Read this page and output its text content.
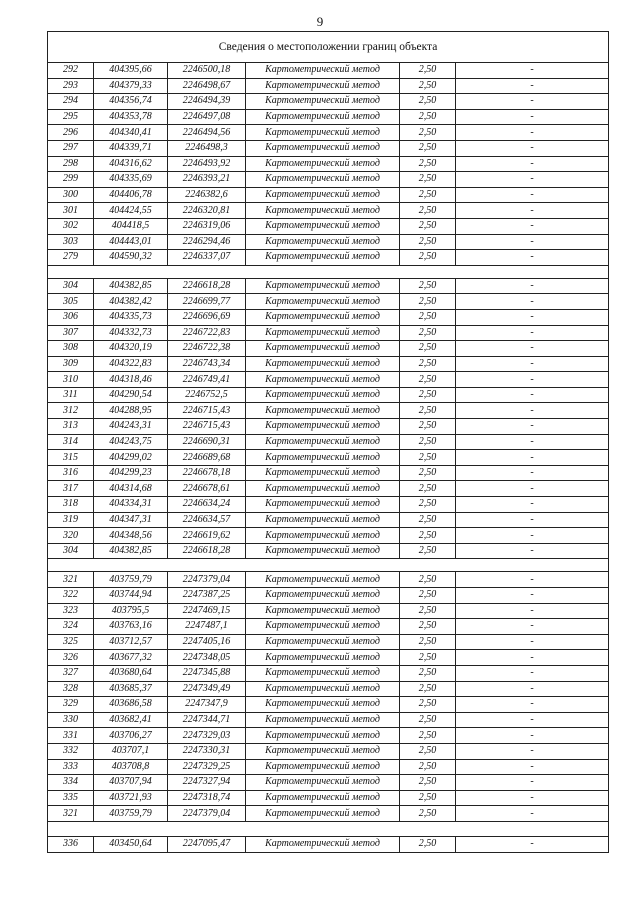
9
Сведения о местоположении границ объекта					
292	404395,66	2246500,18	Картометрический метод	2,50	-
293	404379,33	2246498,67	Картометрический метод	2,50	-
294	404356,74	2246494,39	Картометрический метод	2,50	-
295	404353,78	2246497,08	Картометрический метод	2,50	-
296	404340,41	2246494,56	Картометрический метод	2,50	-
297	404339,71	2246498,3	Картометрический метод	2,50	-
298	404316,62	2246493,92	Картометрический метод	2,50	-
299	404335,69	2246393,21	Картометрический метод	2,50	-
300	404406,78	2246382,6	Картометрический метод	2,50	-
301	404424,55	2246320,81	Картометрический метод	2,50	-
302	404418,5	2246319,06	Картометрический метод	2,50	-
303	404443,01	2246294,46	Картометрический метод	2,50	-
279	404590,32	2246337,07	Картометрический метод	2,50	-

304	404382,85	2246618,28	Картометрический метод	2,50	-
305	404382,42	2246699,77	Картометрический метод	2,50	-
306	404335,73	2246696,69	Картометрический метод	2,50	-
307	404332,73	2246722,83	Картометрический метод	2,50	-
308	404320,19	2246722,38	Картометрический метод	2,50	-
309	404322,83	2246743,34	Картометрический метод	2,50	-
310	404318,46	2246749,41	Картометрический метод	2,50	-
311	404290,54	2246752,5	Картометрический метод	2,50	-
312	404288,95	2246715,43	Картометрический метод	2,50	-
313	404243,31	2246715,43	Картометрический метод	2,50	-
314	404243,75	2246690,31	Картометрический метод	2,50	-
315	404299,02	2246689,68	Картометрический метод	2,50	-
316	404299,23	2246678,18	Картометрический метод	2,50	-
317	404314,68	2246678,61	Картометрический метод	2,50	-
318	404334,31	2246634,24	Картометрический метод	2,50	-
319	404347,31	2246634,57	Картометрический метод	2,50	-
320	404348,56	2246619,62	Картометрический метод	2,50	-
304	404382,85	2246618,28	Картометрический метод	2,50	-

321	403759,79	2247379,04	Картометрический метод	2,50	-
322	403744,94	2247387,25	Картометрический метод	2,50	-
323	403795,5	2247469,15	Картометрический метод	2,50	-
324	403763,16	2247487,1	Картометрический метод	2,50	-
325	403712,57	2247405,16	Картометрический метод	2,50	-
326	403677,32	2247348,05	Картометрический метод	2,50	-
327	403680,64	2247345,88	Картометрический метод	2,50	-
328	403685,37	2247349,49	Картометрический метод	2,50	-
329	403686,58	2247347,9	Картометрический метод	2,50	-
330	403682,41	2247344,71	Картометрический метод	2,50	-
331	403706,27	2247329,03	Картометрический метод	2,50	-
332	403707,1	2247330,31	Картометрический метод	2,50	-
333	403708,8	2247329,25	Картометрический метод	2,50	-
334	403707,94	2247327,94	Картометрический метод	2,50	-
335	403721,93	2247318,74	Картометрический метод	2,50	-
321	403759,79	2247379,04	Картометрический метод	2,50	-

336	403450,64	2247095,47	Картометрический метод	2,50	-
